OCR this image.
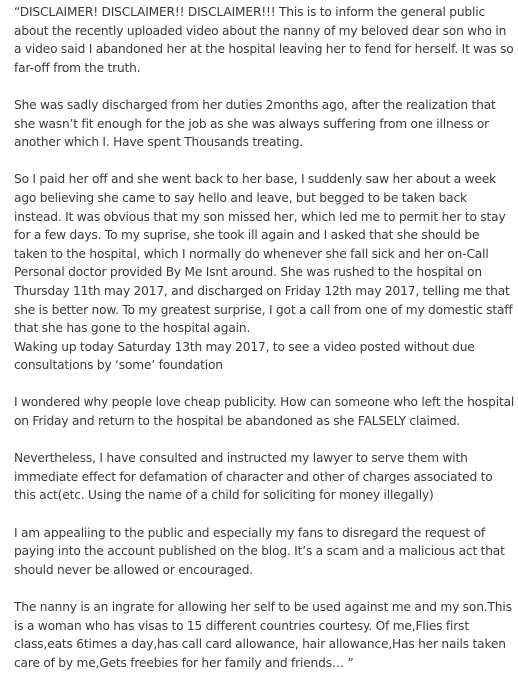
“DISCLAIMER! DISCLAIMER!! DISCLAIMER!!! This is to inform the general public about the recently uploaded video about the nanny of my beloved dear son who in a video said I abandoned her at the hospital leaving her to fend for herself. It was so far-off from the truth.

She was sadly discharged from her duties 2months ago, after the realization that she wasn’t fit enough for the job as she was always suffering from one illness or another which I. Have spent Thousands treating.

So I paid her off and she went back to her base, I suddenly saw her about a week ago believing she came to say hello and leave, but begged to be taken back instead. It was obvious that my son missed her, which led me to permit her to stay for a few days. To my suprise, she took ill again and I asked that she should be taken to the hospital, which I normally do whenever she fall sick and her on-Call Personal doctor provided By Me Isnt around. She was rushed to the hospital on Thursday 11th may 2017, and discharged on Friday 12th may 2017, telling me that she is better now. To my greatest surprise, I got a call from one of my domestic staff that she has gone to the hospital again.

Waking up today Saturday 13th may 2017, to see a video posted without due consultations by ‘some’ foundation

I wondered why people love cheap publicity. How can someone who left the hospital on Friday and return to the hospital be abandoned as she FALSELY claimed.

Nevertheless, I have consulted and instructed my lawyer to serve them with immediate effect for defamation of character and other of charges associated to this act(etc. Using the name of a child for soliciting for money illegally)

I am appealiing to the public and especially my fans to disregard the request of paying into the account published on the blog. It’s a scam and a malicious act that should never be allowed or encouraged.

The nanny is an ingrate for allowing her self to be used against me and my son.This is a woman who has visas to 15 different countries courtesy. Of me,Flies first class,eats 6times a day,has call card allowance, hair allowance,Has her nails taken care of by me,Gets freebies for her family and friends… ”
